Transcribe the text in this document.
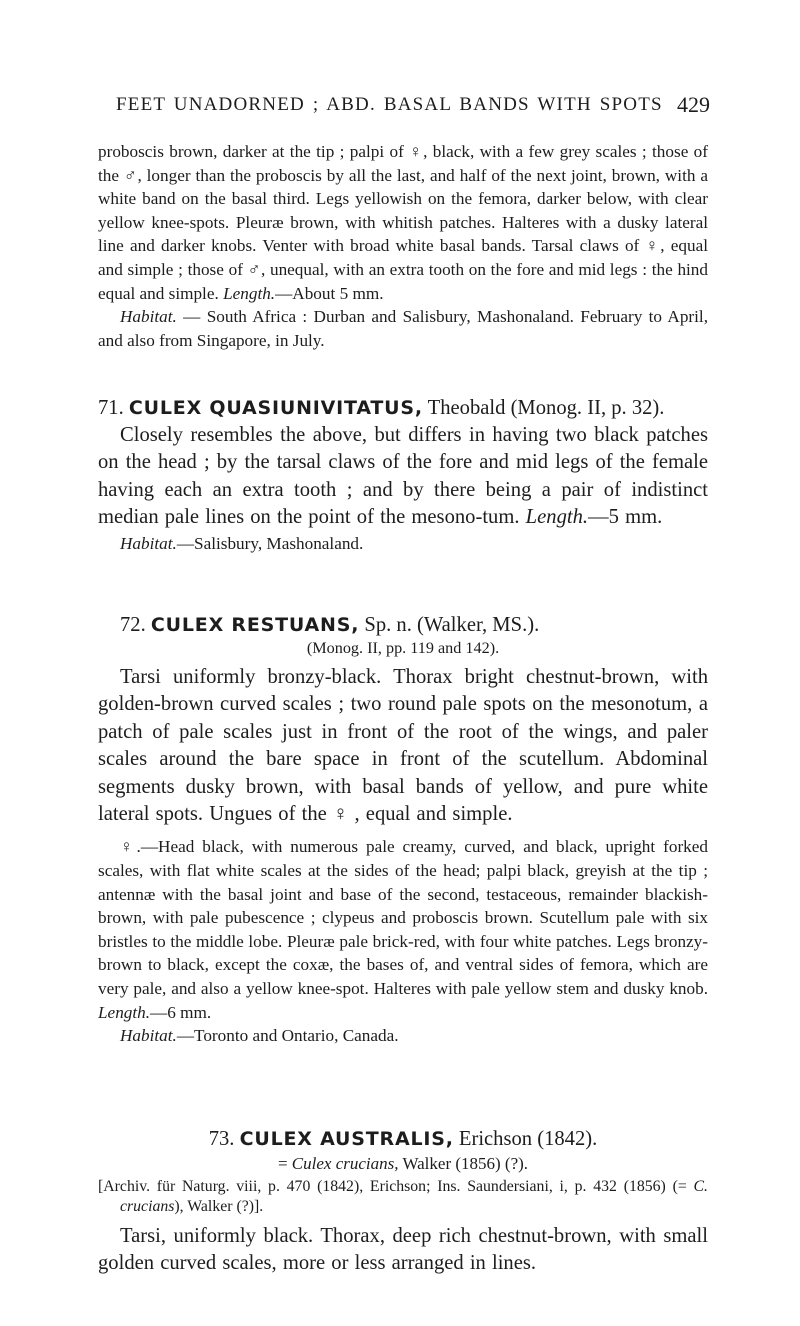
FEET UNADORNED ; ABD. BASAL BANDS WITH SPOTS 429

proboscis brown, darker at the tip ; palpi of ♀, black, with a few grey scales ; those of the ♂, longer than the proboscis by all the last, and half of the next joint, brown, with a white band on the basal third. Legs yellowish on the femora, darker below, with clear yellow knee-spots. Pleuræ brown, with whitish patches. Halteres with a dusky lateral line and darker knobs. Venter with broad white basal bands. Tarsal claws of ♀, equal and simple ; those of ♂, unequal, with an extra tooth on the fore and mid legs : the hind equal and simple. Length.—About 5 mm.
Habitat. — South Africa : Durban and Salisbury, Mashonaland. February to April, and also from Singapore, in July.

71. CULEX QUASIUNIVITATUS, Theobald (Monog. II, p. 32).

Closely resembles the above, but differs in having two black patches on the head ; by the tarsal claws of the fore and mid legs of the female having each an extra tooth ; and by there being a pair of indistinct median pale lines on the point of the mesono-tum. Length.—5 mm.

Habitat.—Salisbury, Mashonaland.

72. CULEX RESTUANS, Sp. n. (Walker, MS.).

(Monog. II, pp. 119 and 142).

Tarsi uniformly bronzy-black. Thorax bright chestnut-brown, with golden-brown curved scales ; two round pale spots on the mesonotum, a patch of pale scales just in front of the root of the wings, and paler scales around the bare space in front of the scutellum. Abdominal segments dusky brown, with basal bands of yellow, and pure white lateral spots. Ungues of the ♀ , equal and simple.

♀.—Head black, with numerous pale creamy, curved, and black, upright forked scales, with flat white scales at the sides of the head; palpi black, greyish at the tip ; antennæ with the basal joint and base of the second, testaceous, remainder blackish-brown, with pale pubescence ; clypeus and proboscis brown. Scutellum pale with six bristles to the middle lobe. Pleuræ pale brick-red, with four white patches. Legs bronzy-brown to black, except the coxæ, the bases of, and ventral sides of femora, which are very pale, and also a yellow knee-spot. Halteres with pale yellow stem and dusky knob. Length.—6 mm.
Habitat.—Toronto and Ontario, Canada.

73. CULEX AUSTRALIS, Erichson (1842).

= Culex crucians, Walker (1856) (?).

[Archiv. für Naturg. viii, p. 470 (1842), Erichson; Ins. Saundersiani, i, p. 432 (1856) (= C. crucians), Walker (?)].

Tarsi, uniformly black. Thorax, deep rich chestnut-brown, with small golden curved scales, more or less arranged in lines.
